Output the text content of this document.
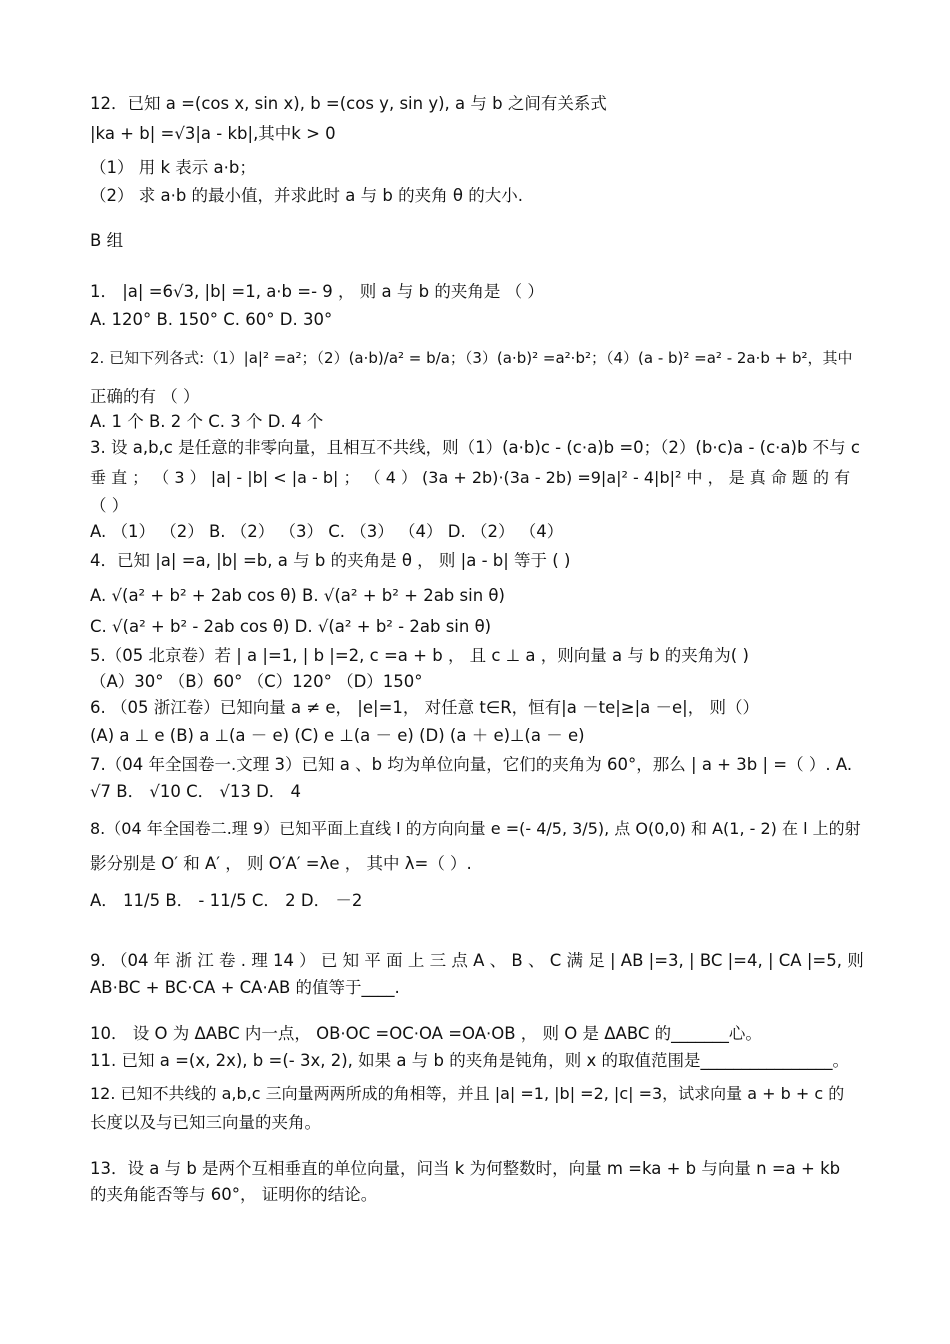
12．已知 a =(cos x, sin x), b =(cos y, sin y), a 与 b 之间有关系式
|ka + b| =√3|a - kb|,其中k > 0
（1） 用 k 表示 a⋅b；
（2） 求 a⋅b 的最小值，并求此时 a 与 b 的夹角 θ 的大小.
B 组
1． |a| =6√3, |b| =1, a⋅b =- 9 ， 则 a 与 b 的夹角是 （ ）
A. 120° B. 150° C. 60° D. 30°
2. 已知下列各式:（1）|a|² =a²；（2）(a⋅b)/a² = b/a；（3）(a⋅b)² =a²⋅b²；（4）(a - b)² =a² - 2a⋅b + b²，其中
正确的有 （ ）
A. 1 个 B. 2 个 C. 3 个 D. 4 个
3. 设 a,b,c 是任意的非零向量，且相互不共线，则（1）(a⋅b)c - (c⋅a)b =0；（2）(b⋅c)a - (c⋅a)b 不与 c
垂 直 ； （ 3 ） |a| - |b| < |a - b| ； （ 4 ） (3a + 2b)⋅(3a - 2b) =9|a|² - 4|b|² 中 ， 是 真 命 题 的 有
（ ）
A. （1） （2） B. （2） （3） C. （3） （4） D. （2） （4）
4．已知 |a| =a, |b| =b, a 与 b 的夹角是 θ ， 则 |a - b| 等于 ( )
A. √(a² + b² + 2ab cos θ) B. √(a² + b² + 2ab sin θ)
C. √(a² + b² - 2ab cos θ) D. √(a² + b² - 2ab sin θ)
5.（05 北京卷）若 | a |=1, | b |=2, c =a + b ， 且 c ⊥ a ，则向量 a 与 b 的夹角为( )
（A）30° （B）60° （C）120° （D）150°
6. （05 浙江卷）已知向量 a ≠ e， |e|=1， 对任意 t∈R，恒有|a －te|≥|a －e|， 则（）
(A) a ⊥ e (B) a ⊥(a － e) (C) e ⊥(a － e) (D) (a ＋ e)⊥(a － e)
7.（04 年全国卷一.文理 3）已知 a 、b 均为单位向量，它们的夹角为 60°，那么 | a + 3b | =（ ）. A.
√7 B． √10 C． √13 D． 4
8.（04 年全国卷二.理 9）已知平面上直线 l 的方向向量 e =(- 4/5, 3/5), 点 O(0,0) 和 A(1, - 2) 在 l 上的射
影分别是 O′ 和 A′ ， 则 O′A′ =λe ， 其中 λ=（ ）.
A． 11/5 B． - 11/5 C． 2 D． －2
9. （04 年 浙 江 卷 . 理 14 ） 已 知 平 面 上 三 点 A 、 B 、 C 满 足 | AB |=3, | BC |=4, | CA |=5, 则
AB⋅BC + BC⋅CA + CA⋅AB 的值等于____.
10． 设 O 为 ΔABC 内一点， OB⋅OC =OC⋅OA =OA⋅OB ， 则 O 是 ΔABC 的_______心。
11. 已知 a =(x, 2x), b =(- 3x, 2), 如果 a 与 b 的夹角是钝角，则 x 的取值范围是________________。
12. 已知不共线的 a,b,c 三向量两两所成的角相等，并且 |a| =1, |b| =2, |c| =3，试求向量 a + b + c 的
长度以及与已知三向量的夹角。
13．设 a 与 b 是两个互相垂直的单位向量，问当 k 为何整数时，向量 m =ka + b 与向量 n =a + kb
的夹角能否等与 60°， 证明你的结论。
